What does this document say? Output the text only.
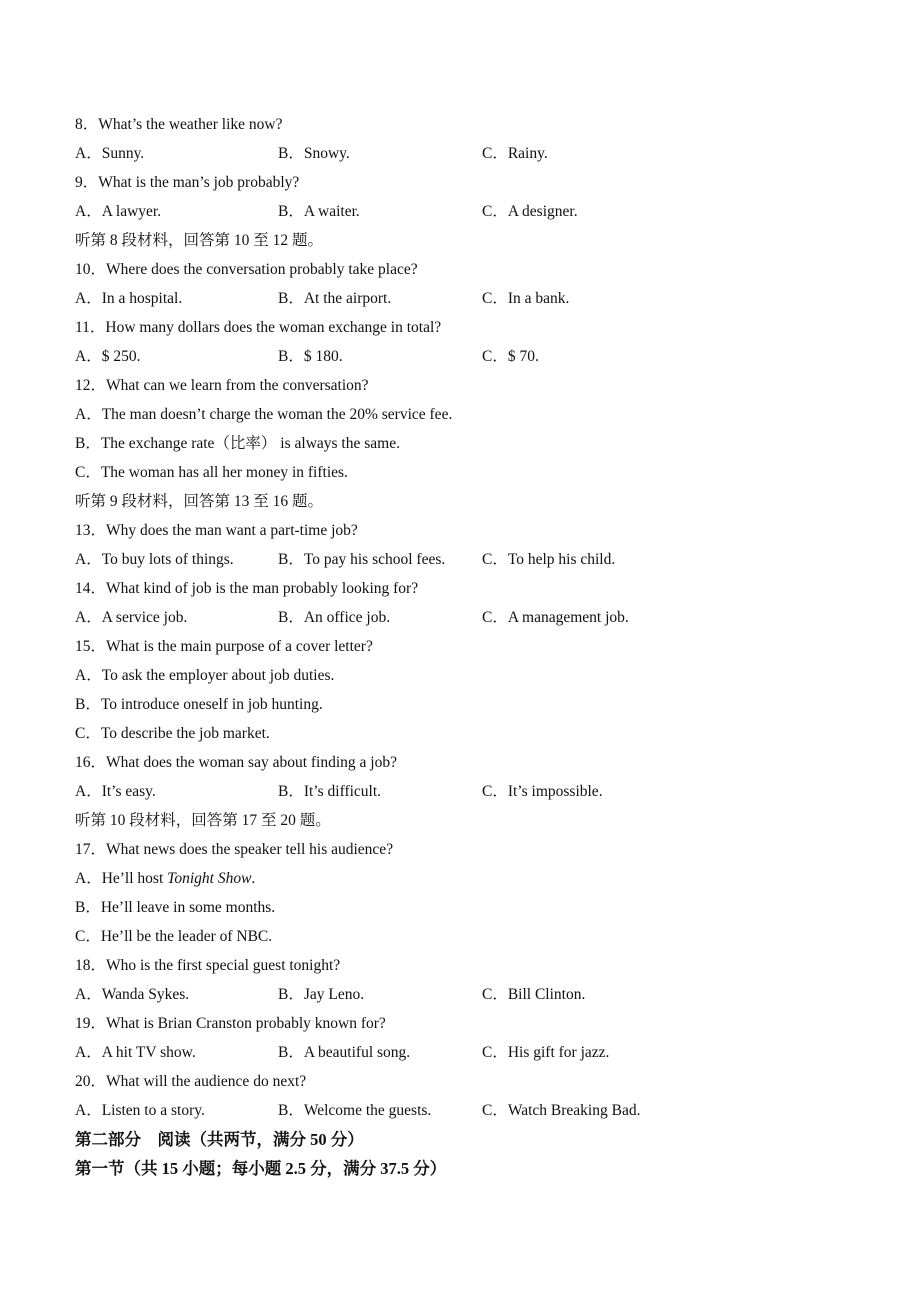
8．What’s the weather like now?
A．Sunny.	B．Snowy.	C．Rainy.
9．What is the man’s job probably?
A．A lawyer.	B．A waiter.	C．A designer.
听第 8 段材料，回答第 10 至 12 题。
10．Where does the conversation probably take place?
A．In a hospital.	B．At the airport.	C．In a bank.
11．How many dollars does the woman exchange in total?
A．$ 250.	B．$ 180.	C．$ 70.
12．What can we learn from the conversation?
A．The man doesn’t charge the woman the 20% service fee.
B．The exchange rate（比率） is always the same.
C．The woman has all her money in fifties.
听第 9 段材料，回答第 13 至 16 题。
13．Why does the man want a part-time job?
A．To buy lots of things.	B．To pay his school fees. C．To help his child.
14．What kind of job is the man probably looking for?
A．A service job.	B．An office job.	C．A management job.
15．What is the main purpose of a cover letter?
A．To ask the employer about job duties.
B．To introduce oneself in job hunting.
C．To describe the job market.
16．What does the woman say about finding a job?
A．It’s easy.	B．It’s difficult.	C．It’s impossible.
听第 10 段材料，回答第 17 至 20 题。
17．What news does the speaker tell his audience?
A．He’ll host Tonight Show.
B．He’ll leave in some months.
C．He’ll be the leader of NBC.
18．Who is the first special guest tonight?
A．Wanda Sykes.	B．Jay Leno.	C．Bill Clinton.
19．What is Brian Cranston probably known for?
A．A hit TV show.	B．A beautiful song.	C．His gift for jazz.
20．What will the audience do next?
A．Listen to a story.	B．Welcome the guests.	C．Watch Breaking Bad.
第二部分　阅读（共两节，满分 50 分）
第一节（共 15 小题；每小题 2.5 分，满分 37.5 分）
